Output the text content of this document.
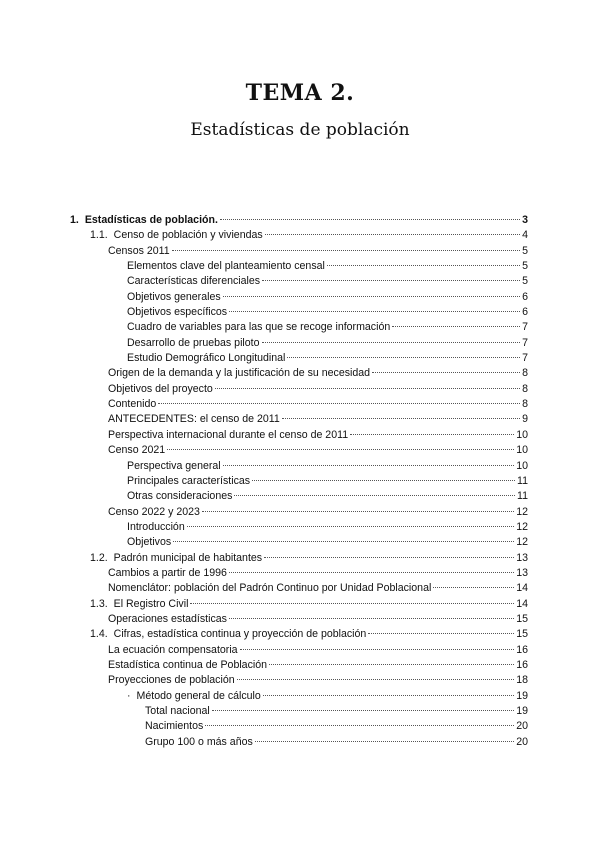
TEMA 2.
Estadísticas de población
1. Estadísticas de población.	3
1.1. Censo de población y viviendas	4
Censos 2011	5
Elementos clave del planteamiento censal	5
Características diferenciales	5
Objetivos generales	6
Objetivos específicos	6
Cuadro de variables para las que se recoge información	7
Desarrollo de pruebas piloto	7
Estudio Demográfico Longitudinal	7
Origen de la demanda y la justificación de su necesidad	8
Objetivos del proyecto	8
Contenido	8
ANTECEDENTES: el censo de 2011	9
Perspectiva internacional durante el censo de 2011	10
Censo 2021	10
Perspectiva general	10
Principales características	11
Otras consideraciones	11
Censo 2022 y 2023	12
Introducción	12
Objetivos	12
1.2. Padrón municipal de habitantes	13
Cambios a partir de 1996	13
Nomenclátor: población del Padrón Continuo por Unidad Poblacional	14
1.3. El Registro Civil	14
Operaciones estadísticas	15
1.4. Cifras, estadística continua y proyección de población	15
La ecuación compensatoria	16
Estadística continua de Población	16
Proyecciones de población	18
· Método general de cálculo	19
Total nacional	19
Nacimientos	20
Grupo 100 o más años	20
